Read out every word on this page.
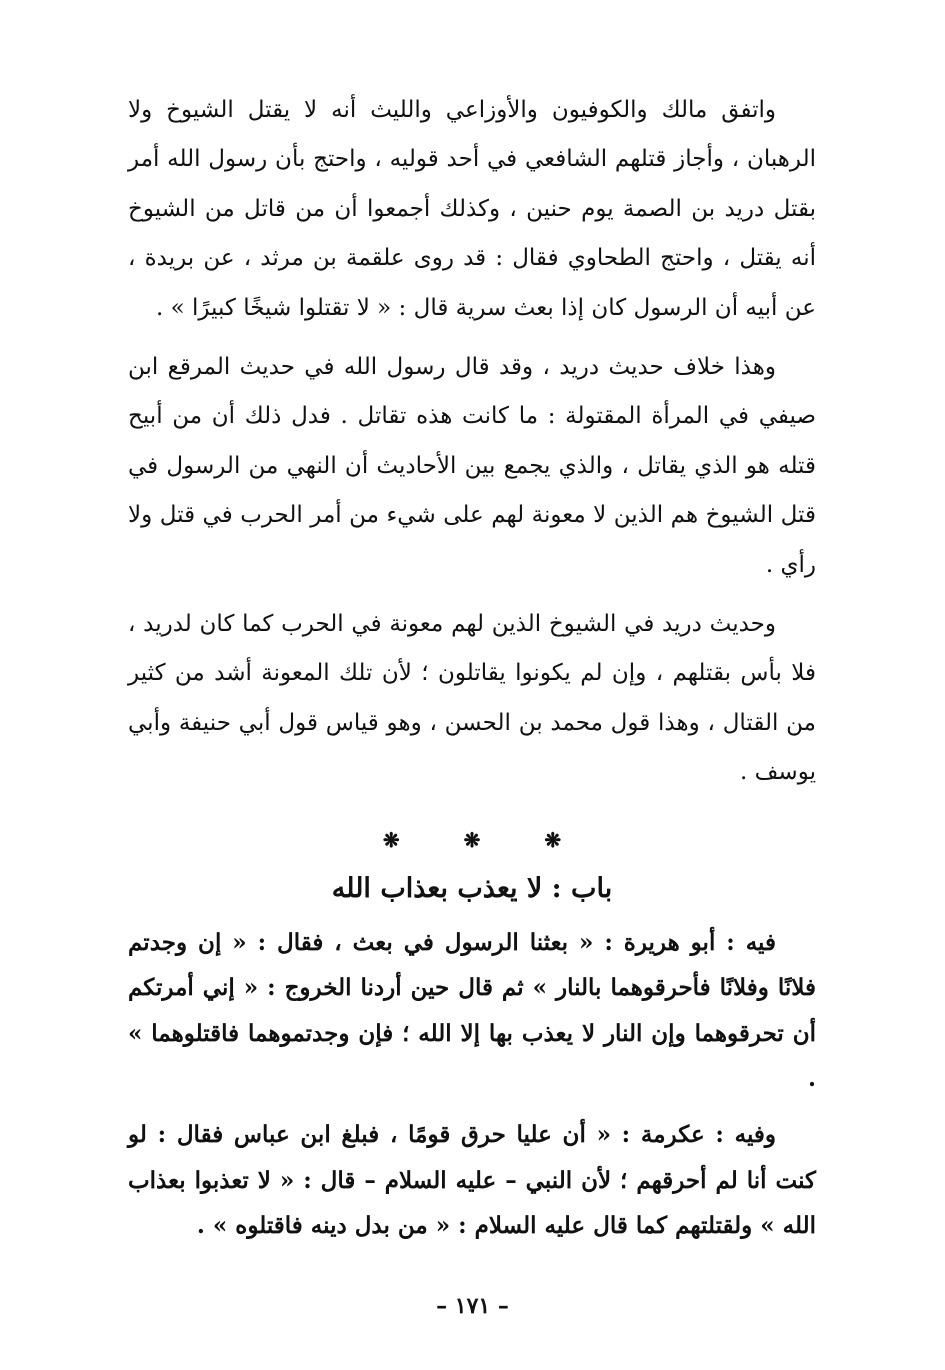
واتفق مالك والكوفيون والأوزاعي والليث أنه لا يقتل الشيوخ ولا الرهبان ، وأجاز قتلهم الشافعي في أحد قوليه ، واحتج بأن رسول الله أمر بقتل دريد بن الصمة يوم حنين ، وكذلك أجمعوا أن من قاتل من الشيوخ أنه يقتل ، واحتج الطحاوي فقال : قد روى علقمة بن مرثد ، عن بريدة ، عن أبيه أن الرسول كان إذا بعث سرية قال : « لا تقتلوا شيخًا كبيرًا » .

وهذا خلاف حديث دريد ، وقد قال رسول الله في حديث المرقع ابن صيفي في المرأة المقتولة : ما كانت هذه تقاتل . فدل ذلك أن من أبيح قتله هو الذي يقاتل ، والذي يجمع بين الأحاديث أن النهي من الرسول في قتل الشيوخ هم الذين لا معونة لهم على شيء من أمر الحرب في قتل ولا رأي .

وحديث دريد في الشيوخ الذين لهم معونة في الحرب كما كان لدريد ، فلا بأس بقتلهم ، وإن لم يكونوا يقاتلون ؛ لأن تلك المعونة أشد من كثير من القتال ، وهذا قول محمد بن الحسن ، وهو قياس قول أبي حنيفة وأبي يوسف .

❋	❋	❋
باب : لا يعذب بعذاب الله

فيه : أبو هريرة : « بعثنا الرسول في بعث ، فقال : « إن وجدتم فلانًا وفلانًا فأحرقوهما بالنار » ثم قال حين أردنا الخروج : « إني أمرتكم أن تحرقوهما وإن النار لا يعذب بها إلا الله ؛ فإن وجدتموهما فاقتلوهما » .

وفيه : عكرمة : « أن عليا حرق قومًا ، فبلغ ابن عباس فقال : لو كنت أنا لم أحرقهم ؛ لأن النبي – عليه السلام – قال : « لا تعذبوا بعذاب الله » ولقتلتهم كما قال عليه السلام : « من بدل دينه فاقتلوه » .

– ١٧١ –
